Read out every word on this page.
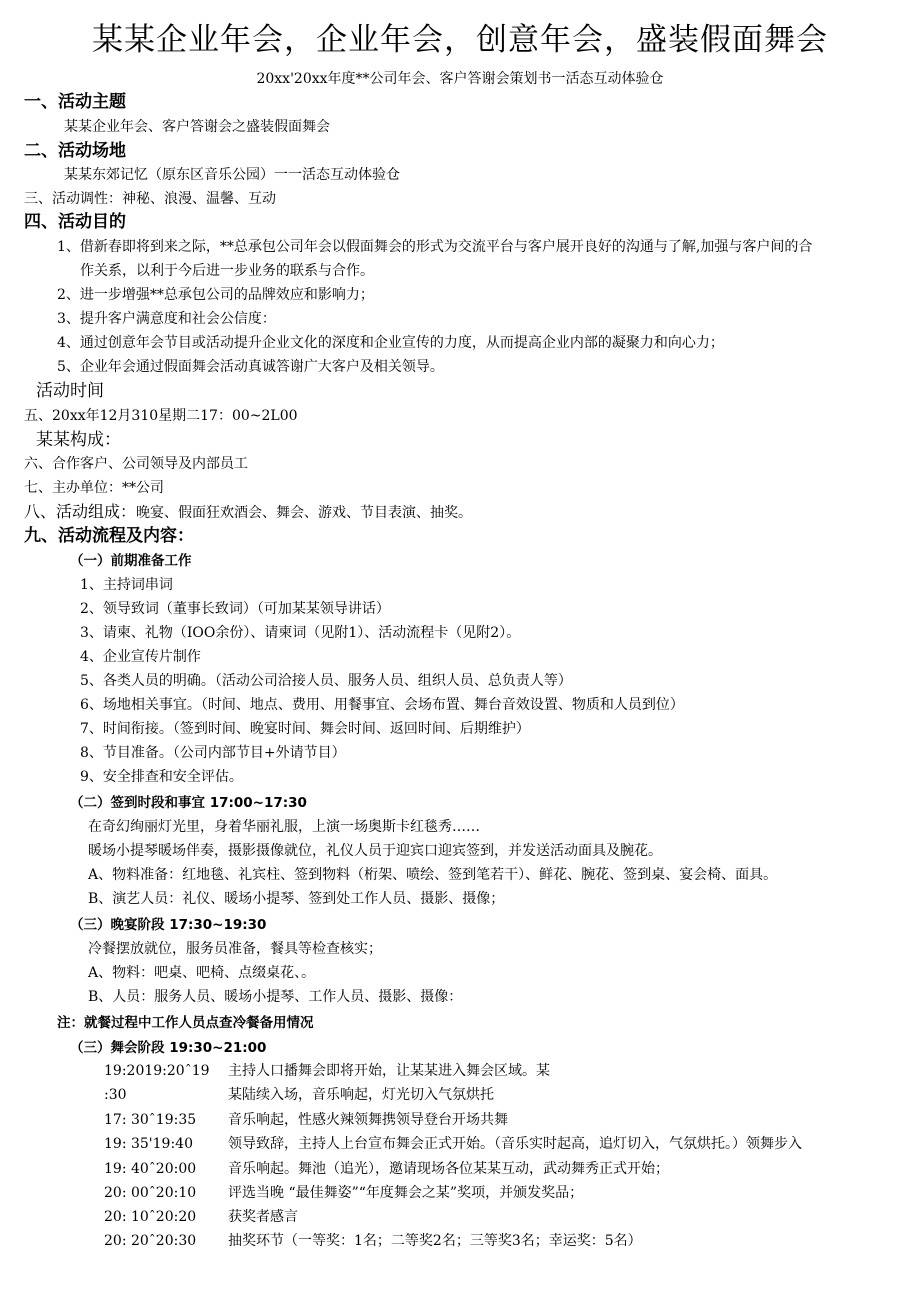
某某企业年会，企业年会，创意年会，盛装假面舞会
20xx'20xx年度**公司年会、客户答谢会策划书一活态互动体验仓
一、活动主题
某某企业年会、客户答谢会之盛装假面舞会
二、活动场地
某某东郊记忆（原东区音乐公园）一一活态互动体验仓
三、活动调性：神秘、浪漫、温馨、互动
四、活动目的
1、借新春即将到来之际，**总承包公司年会以假面舞会的形式为交流平台与客户展开良好的沟通与了解,加强与客户间的合
作关系，以利于今后进一步业务的联系与合作。
2、进一步增强**总承包公司的品牌效应和影响力；
3、提升客户满意度和社会公信度：
4、通过创意年会节目或活动提升企业文化的深度和企业宣传的力度，从而提高企业内部的凝聚力和向心力；
5、企业年会通过假面舞会活动真诚答谢广大客户及相关领导。
活动时间
五、20xx年12月310星期二17：00~2L00
某某构成：
六、合作客户、公司领导及内部员工
七、主办单位：**公司
八、活动组成：晚宴、假面狂欢酒会、舞会、游戏、节目表演、抽奖。
九、活动流程及内容：
（一）前期准备工作
1、主持词串词
2、领导致词（董事长致词）（可加某某领导讲话）
3、请柬、礼物（IOO余份）、请柬词（见附1）、活动流程卡（见附2）。
4、企业宣传片制作
5、各类人员的明确。（活动公司洽接人员、服务人员、组织人员、总负责人等）
6、场地相关事宜。（时间、地点、费用、用餐事宜、会场布置、舞台音效设置、物质和人员到位）
7、时间衔接。（签到时间、晚宴时间、舞会时间、返回时间、后期维护）
8、节目准备。（公司内部节目+外请节目）
9、安全排查和安全评估。
（二）签到时段和事宜 17:00~17:30
在奇幻绚丽灯光里，身着华丽礼服，上演一场奥斯卡红毯秀……
暖场小提琴暖场伴奏，摄影摄像就位，礼仪人员于迎宾口迎宾签到，并发送活动面具及腕花。
A、物料准备：红地毯、礼宾柱、签到物料（桁架、喷绘、签到笔若干）、鲜花、腕花、签到桌、宴会椅、面具。
B、演艺人员：礼仪、暖场小提琴、签到处工作人员、摄影、摄像；
（三）晚宴阶段 17:30~19:30
冷餐摆放就位，服务员准备，餐具等检查核实；
A、物料：吧桌、吧椅、点缀桌花、。
B、人员：服务人员、暖场小提琴、工作人员、摄影、摄像：
注：就餐过程中工作人员点查冷餐备用情况
（三）舞会阶段 19:30~21:00
19:2019:20ˆ19 主持人口播舞会即将开始，让某某进入舞会区域。某
:30	某陆续入场，音乐响起，灯光切入气氛烘托
17: 30ˆ19:35 音乐响起，性感火辣领舞携领导登台开场共舞
19: 35'19:40	领导致辞，主持人上台宣布舞会正式开始。（音乐实时起高，追灯切入，气氛烘托。）领舞步入
19: 40ˆ20:00 音乐响起。舞池（追光），邀请现场各位某某互动，武动舞秀正式开始；
20: 00ˆ20:10 评选当晚 “最佳舞姿”“年度舞会之某”奖项，并颁发奖品；
20: 10ˆ20:20 获奖者感言
20: 20ˆ20:30 抽奖环节（一等奖：1名；二等奖2名；三等奖3名；幸运奖：5名）
